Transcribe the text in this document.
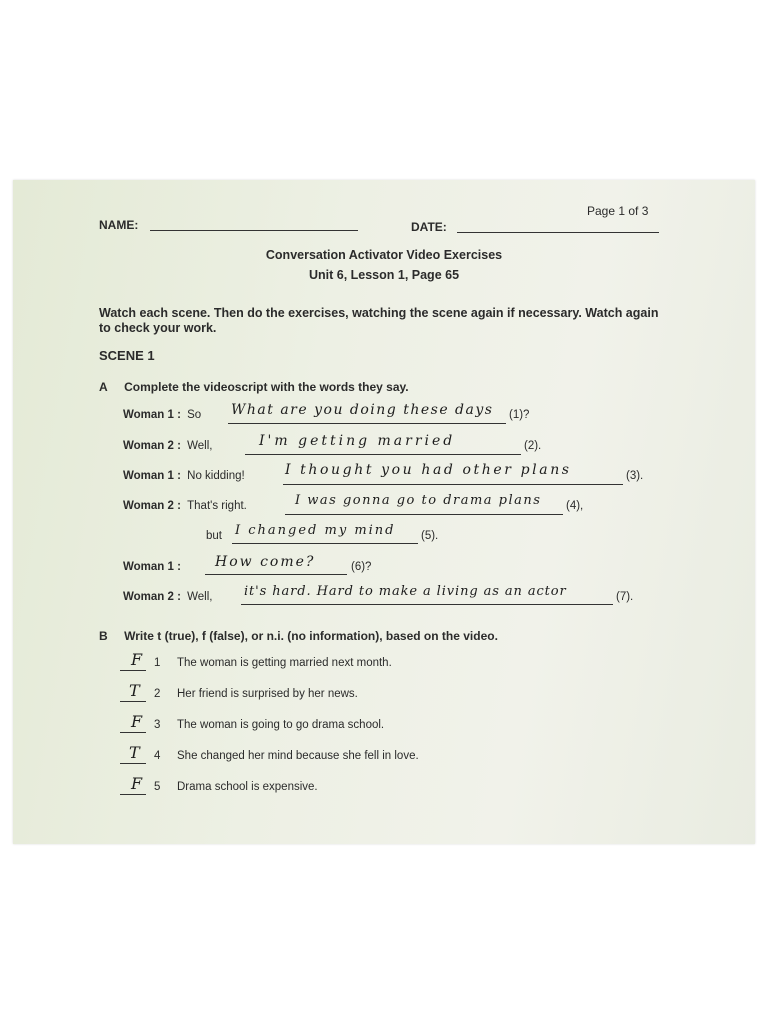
Page 1 of 3
NAME:	DATE:
Conversation Activator Video Exercises
Unit 6, Lesson 1, Page 65
Watch each scene. Then do the exercises, watching the scene again if necessary. Watch again to check your work.
SCENE 1
A Complete the videoscript with the words they say.
Woman 1 : So What are you doing these days (1)?
Woman 2 : Well,	I'm getting married	(2).
Woman 1 : No kidding!	I thought you had other plans	(3).
Woman 2 : That's right.	I was gonna go to drama plans (4),
but I changed my mind (5).
Woman 1 : How come?	(6)?
Woman 2 : Well, it's hard. Hard to make a living as an actor	(7).
B Write t (true), f (false), or n.i. (no information), based on the video.
F 1 The woman is getting married next month.
T 2 Her friend is surprised by her news.
F 3 The woman is going to go drama school.
T 4 She changed her mind because she fell in love.
F 5 Drama school is expensive.
